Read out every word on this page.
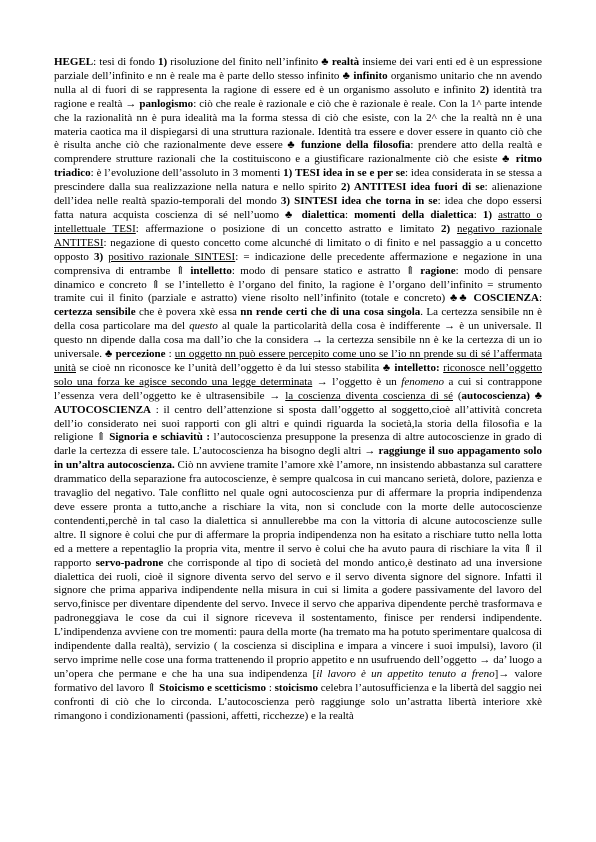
HEGEL: tesi di fondo 1) risoluzione del finito nell’infinito ♣ realtà insieme dei vari enti ed è un espressione parziale dell’infinito e nn è reale ma è parte dello stesso infinito ♣ infinito organismo unitario che nn avendo nulla al di fuori di se rappresenta la ragione di essere ed è un organismo assoluto e infinito 2) identità tra ragione e realtà → panlogismo: ciò che reale è razionale e ciò che è razionale è reale. Con la 1^ parte intende che la razionalità nn è pura idealità ma la forma stessa di ciò che esiste, con la 2^ che la realtà nn è una materia caotica ma il dispiegarsi di una struttura razionale. Identità tra essere e dover essere in quanto ciò che è risulta anche ciò che razionalmente deve essere ♣ funzione della filosofia: prendere atto della realtà e comprendere strutture razionali che la costituiscono e a giustificare razionalmente ciò che esiste ♣ ritmo triadico: è l’evoluzione dell’assoluto in 3 momenti 1) TESI idea in se e per se: idea considerata in se stessa a prescindere dalla sua realizzazione nella natura e nello spirito 2) ANTITESI idea fuori di se: alienazione dell’idea nelle realtà spazio-temporali del mondo 3) SINTESI idea che torna in se: idea che dopo essersi fatta natura acquista coscienza di sé nell’uomo ♣ dialettica: momenti della dialettica: 1) astratto o intellettuale TESI: affermazione o posizione di un concetto astratto e limitato 2) negativo razionale ANTITESI: negazione di questo concetto come alcunché di limitato o di finito e nel passaggio a u concetto opposto 3) positivo razionale SINTESI: = indicazione delle precedente affermazione e negazione in una comprensiva di entrambe ⇑ intelletto: modo di pensare statico e astratto ⇑ ragione: modo di pensare dinamico e concreto ⇑ se l’intelletto è l’organo del finito, la ragione è l’organo dell’infinito = strumento tramite cui il finito (parziale e astratto) viene risolto nell’infinito (totale e concreto) ♣♣ COSCIENZA: certezza sensibile che è povera xkè essa nn rende certi che di una cosa singola. La certezza sensibile nn è della cosa particolare ma del questo al quale la particolarità della cosa è indifferente → è un universale. Il questo nn dipende dalla cosa ma dall’io che la considera → la certezza sensibile nn è ke la certezza di un io universale. ♣ percezione : un oggetto nn può essere percepito come uno se l’io nn prende su di sé l’affermata unità se cioè nn riconosce ke l’unità dell’oggetto è da lui stesso stabilita ♣ intelletto: riconosce nell’oggetto solo una forza ke agisce secondo una legge determinata → l’oggetto è un fenomeno a cui si contrappone l’essenza vera dell’oggetto ke è ultrasensibile → la coscienza diventa coscienza di sé (autocoscienza) ♣ AUTOCOSCIENZA : il centro dell’attenzione si sposta dall’oggetto al soggetto,cioè all’attività concreta dell’io considerato nei suoi rapporti con gli altri e quindi riguarda la società,la storia della filosofia e la religione ⇑ Signoria e schiavitù : l’autocoscienza presuppone la presenza di altre autocoscienze in grado di darle la certezza di essere tale. L’autocoscienza ha bisogno degli altri → raggiunge il suo appagamento solo in un’altra autocoscienza. Ciò nn avviene tramite l’amore xkè l’amore, nn insistendo abbastanza sul carattere drammatico della separazione fra autocoscienze, è sempre qualcosa in cui mancano serietà, dolore, pazienza e travaglio del negativo. Tale conflitto nel quale ogni autocoscienza pur di affermare la propria indipendenza deve essere pronta a tutto,anche a rischiare la vita, non si conclude con la morte delle autocoscienze contendenti,perchè in tal caso la dialettica si annullerebbe ma con la vittoria di alcune autocoscienze sulle altre. Il signore è colui che pur di affermare la propria indipendenza non ha esitato a rischiare tutto nella lotta ed a mettere a repentaglio la propria vita, mentre il servo è colui che ha avuto paura di rischiare la vita ⇑ il rapporto servo-padrone che corrisponde al tipo di società del mondo antico,è destinato ad una inversione dialettica dei ruoli, cioè il signore diventa servo del servo e il servo diventa signore del signore. Infatti il signore che prima appariva indipendente nella misura in cui si limita a godere passivamente del lavoro del servo,finisce per diventare dipendente del servo. Invece il servo che appariva dipendente perchè trasformava e padroneggiava le cose da cui il signore riceveva il sostentamento, finisce per rendersi indipendente. L’indipendenza avviene con tre momenti: paura della morte (ha tremato ma ha potuto sperimentare qualcosa di indipendente dalla realtà), servizio ( la coscienza si disciplina e impara a vincere i suoi impulsi), lavoro (il servo imprime nelle cose una forma trattenendo il proprio appetito e nn usufruendo dell’oggetto → da’ luogo a un’opera che permane e che ha una sua indipendenza [il lavoro è un appetito tenuto a freno]→ valore formativo del lavoro ⇑ Stoicismo e scetticismo : stoicismo celebra l’autosufficienza e la libertà del saggio nei confronti di ciò che lo circonda. L’autocoscienza però raggiunge solo un’astratta libertà interiore xkè rimangono i condizionamenti (passioni, affetti, ricchezze) e la realtà
